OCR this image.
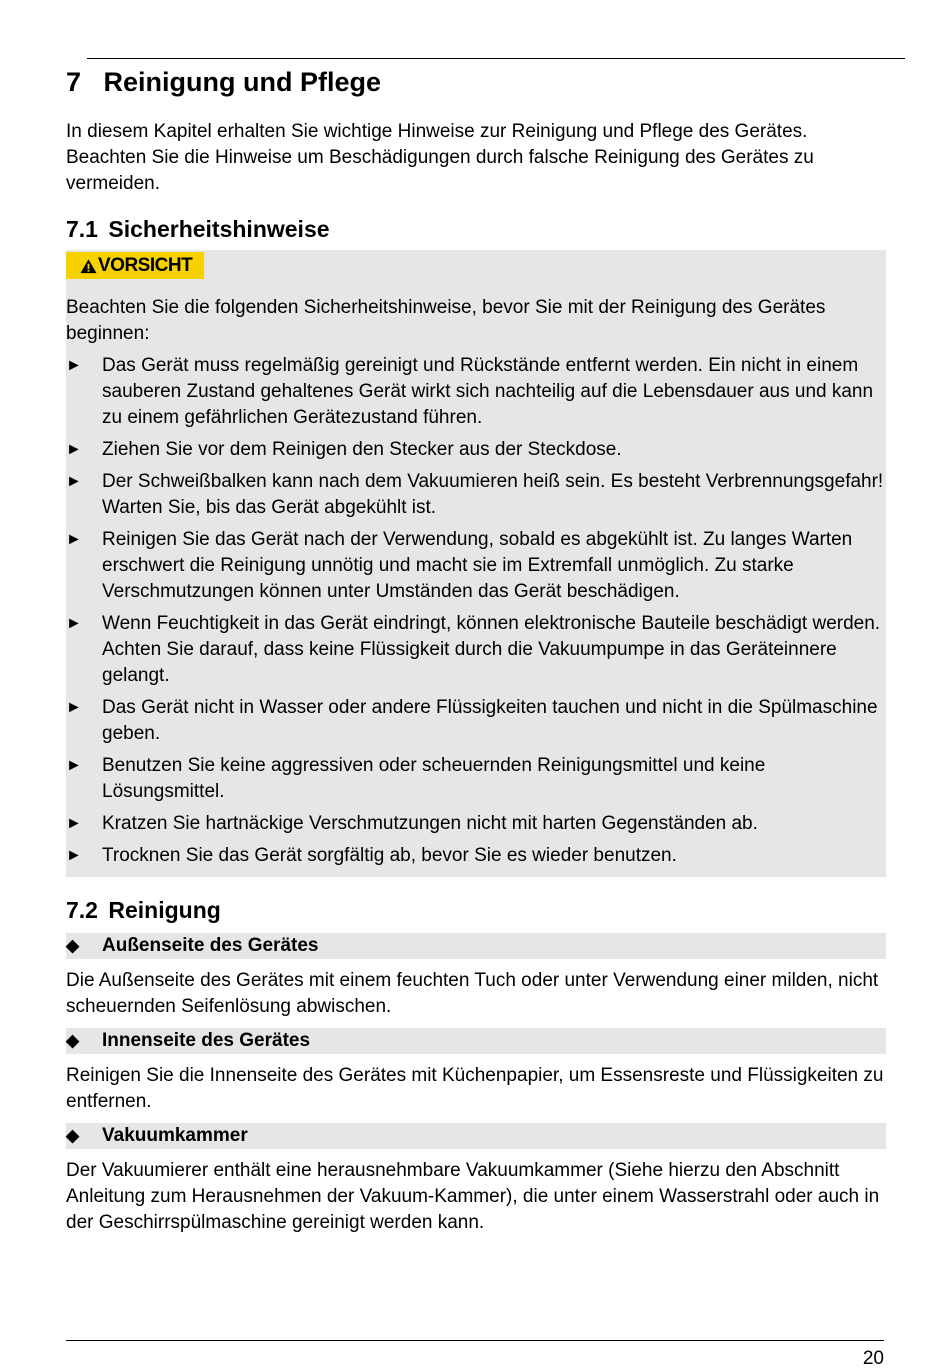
7 Reinigung und Pflege

In diesem Kapitel erhalten Sie wichtige Hinweise zur Reinigung und Pflege des Gerätes. Beachten Sie die Hinweise um Beschädigungen durch falsche Reinigung des Gerätes zu vermeiden.

7.1 Sicherheitshinweise
VORSICHT

Beachten Sie die folgenden Sicherheitshinweise, bevor Sie mit der Reinigung des Gerätes beginnen:

► Das Gerät muss regelmäßig gereinigt und Rückstände entfernt werden. Ein nicht in einem sauberen Zustand gehaltenes Gerät wirkt sich nachteilig auf die Lebensdauer aus und kann zu einem gefährlichen Gerätezustand führen.
► Ziehen Sie vor dem Reinigen den Stecker aus der Steckdose.
► Der Schweißbalken kann nach dem Vakuumieren heiß sein. Es besteht Verbrennungsgefahr! Warten Sie, bis das Gerät abgekühlt ist.
► Reinigen Sie das Gerät nach der Verwendung, sobald es abgekühlt ist. Zu langes Warten erschwert die Reinigung unnötig und macht sie im Extremfall unmöglich. Zu starke Verschmutzungen können unter Umständen das Gerät beschädigen.
► Wenn Feuchtigkeit in das Gerät eindringt, können elektronische Bauteile beschädigt werden. Achten Sie darauf, dass keine Flüssigkeit durch die Vakuumpumpe in das Geräteinnere gelangt.
► Das Gerät nicht in Wasser oder andere Flüssigkeiten tauchen und nicht in die Spülmaschine geben.
► Benutzen Sie keine aggressiven oder scheuernden Reinigungsmittel und keine Lösungsmittel.
► Kratzen Sie hartnäckige Verschmutzungen nicht mit harten Gegenständen ab.
► Trocknen Sie das Gerät sorgfältig ab, bevor Sie es wieder benutzen.
7.2 Reinigung
◆	Außenseite des Gerätes

Die Außenseite des Gerätes mit einem feuchten Tuch oder unter Verwendung einer milden, nicht scheuernden Seifenlösung abwischen.

◆	Innenseite des Gerätes

Reinigen Sie die Innenseite des Gerätes mit Küchenpapier, um Essensreste und Flüssigkeiten zu entfernen.

◆	Vakuumkammer

Der Vakuumierer enthält eine herausnehmbare Vakuumkammer (Siehe hierzu den Abschnitt Anleitung zum Herausnehmen der Vakuum-Kammer), die unter einem Wasserstrahl oder auch in der Geschirrspülmaschine gereinigt werden kann.

20
